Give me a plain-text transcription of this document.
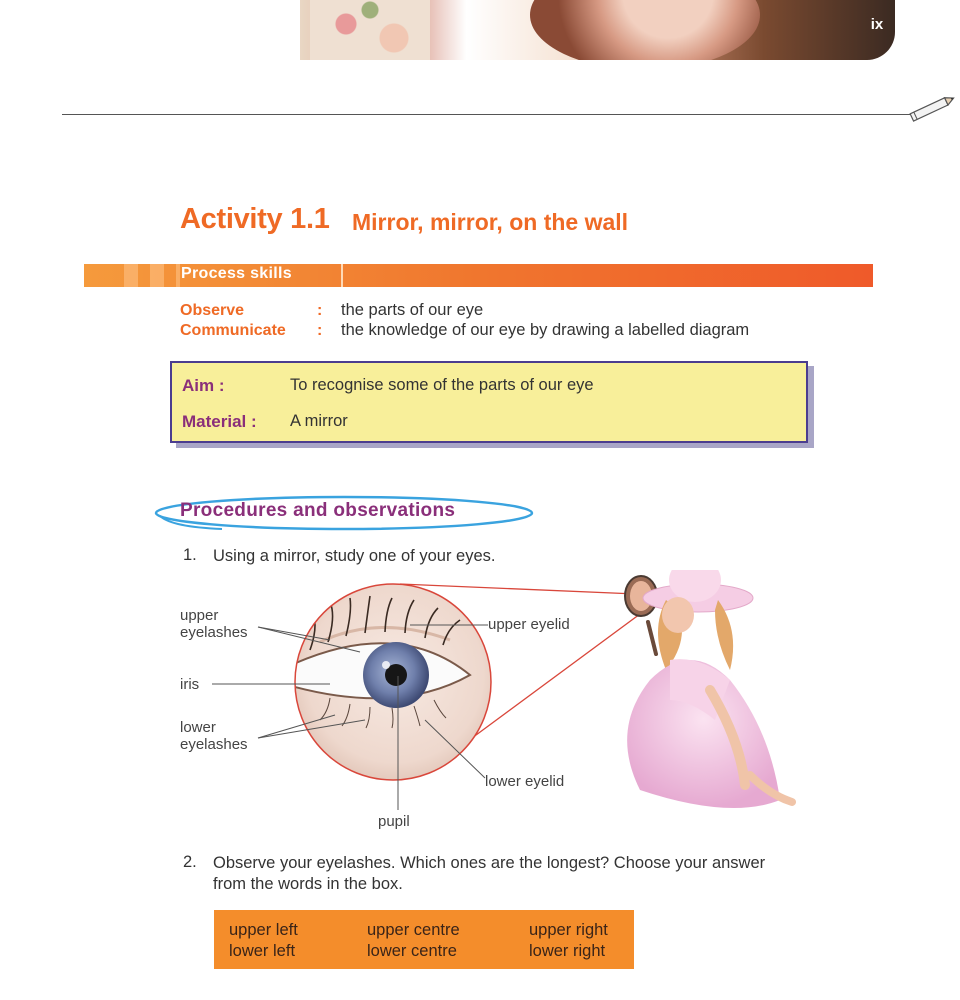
ix
Activity 1.1 Mirror, mirror, on the wall
Process skills
Observe	: the parts of our eye
Communicate : the knowledge of our eye by drawing a labelled diagram
Aim :	To recognise some of the parts of our eye
Material : A mirror
Procedures and observations
1. Using a mirror, study one of your eyes.
upper
eyelashes
iris
lower
eyelashes
upper eyelid
lower eyelid
pupil
2. Observe your eyelashes. Which ones are the longest? Choose your answer from the words in the box.
upper left	upper centre	upper right
lower left	lower centre	lower right
